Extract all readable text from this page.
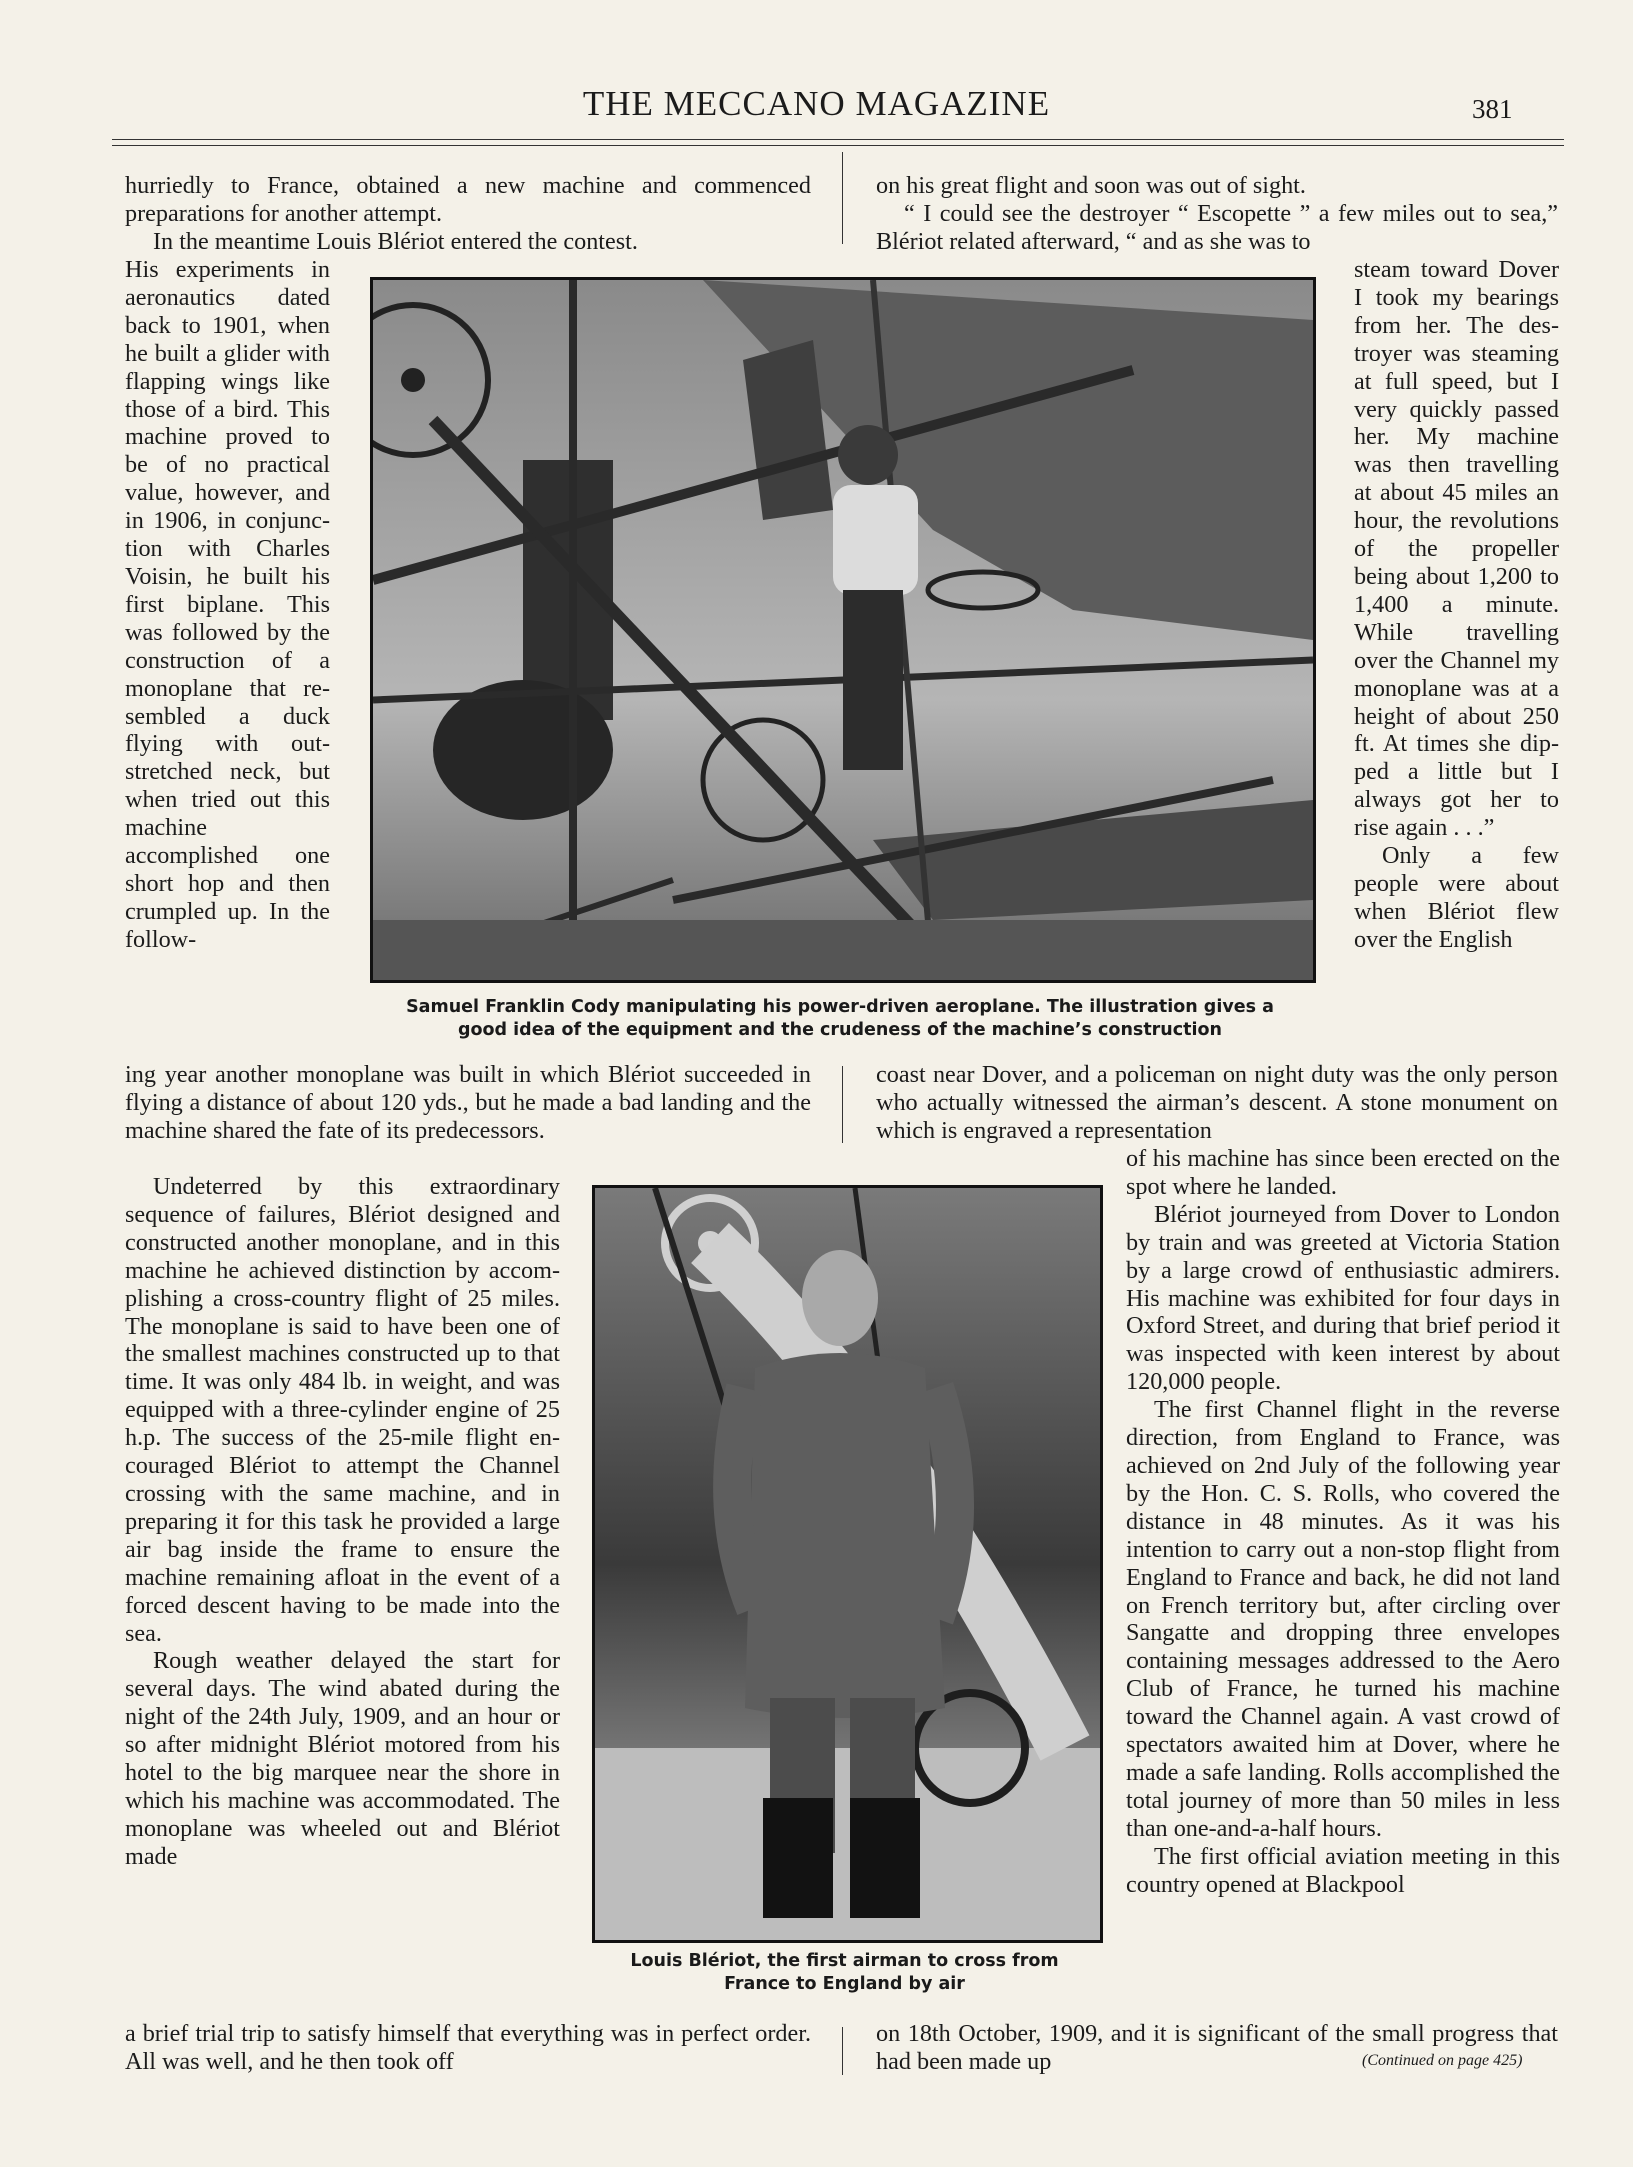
THE MECCANO MAGAZINE	381

hurriedly to France, obtained a new machine and commenced preparations for another attempt.

In the meantime Louis Blériot entered the contest.

His experiments in aeronautics dated back to 1901, when he built a glider with flapping wings like those of a bird. This machine proved to be of no practical value, however, and in 1906, in conjunction with Charles Voisin, he built his first biplane. This was followed by the construction of a monoplane that resembled a duck flying with outstretched neck, but when tried out this machine accomplished one short hop and then crumpled up. In the follow-

ing year another monoplane was built in which Blériot succeeded in flying a distance of about 120 yds., but he made a bad landing and the machine shared the fate of its predecessors.

Undeterred by this extraordinary sequence of failures, Blériot designed and constructed another monoplane, and in this machine he achieved distinction by accomplishing a cross-country flight of 25 miles. The monoplane is said to have been one of the smallest machines constructed up to that time. It was only 484 lb. in weight, and was equipped with a three-cylinder engine of 25 h.p. The success of the 25-mile flight encouraged Blériot to attempt the Channel crossing with the same machine, and in preparing it for this task he provided a large air bag inside the frame to ensure the machine remaining afloat in the event of a forced descent having to be made into the sea.

Rough weather delayed the start for several days. The wind abated during the night of the 24th July, 1909, and an hour or so after midnight Blériot motored from his hotel to the big marquee near the shore in which his machine was accommodated. The monoplane was wheeled out and Blériot made

a brief trial trip to satisfy himself that everything was in perfect order. All was well, and he then took off

on his great flight and soon was out of sight.

“ I could see the destroyer “ Escopette ” a few miles out to sea,” Blériot related afterward, “ and as she was to

steam toward Dover I took my bearings from her. The destroyer was steaming at full speed, but I very quickly passed her. My machine was then travelling at about 45 miles an hour, the revolutions of the propeller being about 1,200 to 1,400 a minute. While travelling over the Channel my monoplane was at a height of about 250 ft. At times she dipped a little but I always got her to rise again . . .”

Only a few people were about when Blériot flew over the English

coast near Dover, and a policeman on night duty was the only person who actually witnessed the airman’s descent. A stone monument on which is engraved a representation

of his machine has since been erected on the spot where he landed.

Blériot journeyed from Dover to London by train and was greeted at Victoria Station by a large crowd of enthusiastic admirers. His machine was exhibited for four days in Oxford Street, and during that brief period it was inspected with keen interest by about 120,000 people.

The first Channel flight in the reverse direction, from England to France, was achieved on 2nd July of the following year by the Hon. C. S. Rolls, who covered the distance in 48 minutes. As it was his intention to carry out a non-stop flight from England to France and back, he did not land on French territory but, after circling over Sangatte and dropping three envelopes containing messages addressed to the Aero Club of France, he turned his machine toward the Channel again. A vast crowd of spectators awaited him at Dover, where he made a safe landing. Rolls accomplished the total journey of more than 50 miles in less than one-and-a-half hours.

The first official aviation meeting in this country opened at Blackpool

on 18th October, 1909, and it is significant of the small progress that had been made up	(Continued on page 425)
Samuel Franklin Cody manipulating his power-driven aeroplane. The illustration gives a
good idea of the equipment and the crudeness of the machine’s construction
Louis Blériot, the first airman to cross from
France to England by air
